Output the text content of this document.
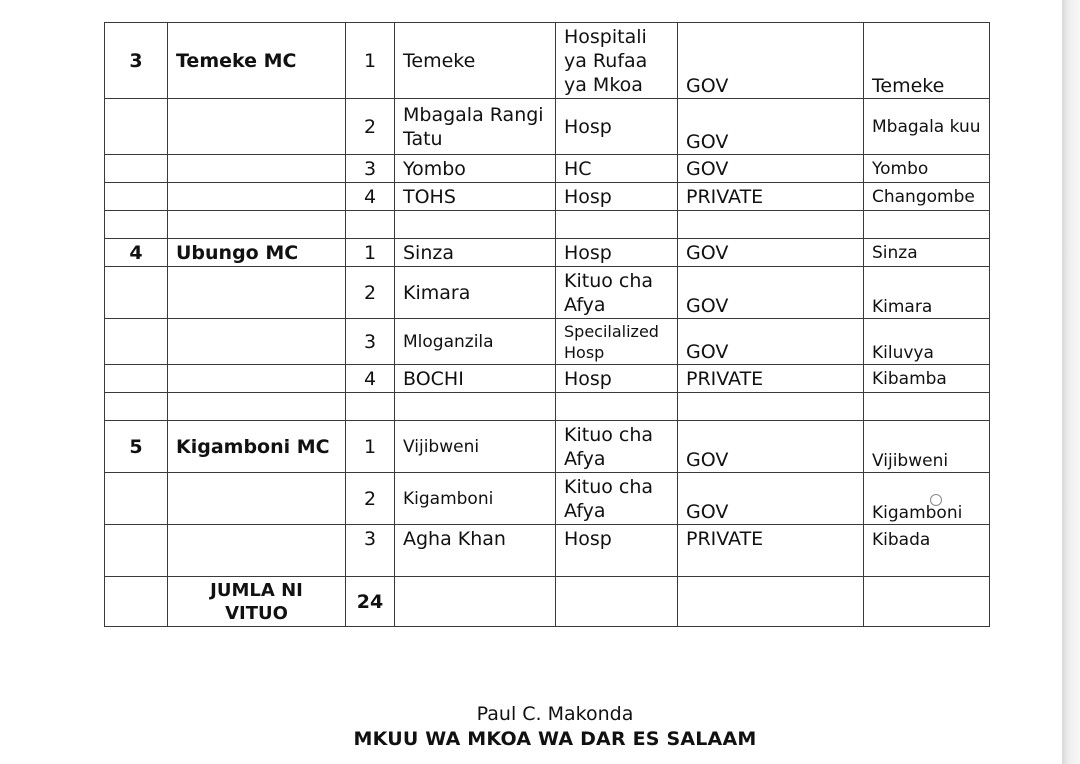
3	Temeke MC	1	Temeke	Hospitali ya Rufaa ya Mkoa	GOV	Temeke
		2	Mbagala Rangi Tatu	Hosp	GOV	Mbagala kuu
		3	Yombo	HC	GOV	Yombo
		4	TOHS	Hosp	PRIVATE	Changombe

4	Ubungo MC	1	Sinza	Hosp	GOV	Sinza
		2	Kimara	Kituo cha Afya	GOV	Kimara
		3	Mloganzila	Specilalized Hosp	GOV	Kiluvya
		4	BOCHI	Hosp	PRIVATE	Kibamba

5	Kigamboni MC	1	Vijibweni	Kituo cha Afya	GOV	Vijibweni
		2	Kigamboni	Kituo cha Afya	GOV	Kigamboni
		3	Agha Khan	Hosp	PRIVATE	Kibada
	JUMLA NI VITUO	24				
Paul C. Makonda
MKUU WA MKOA WA DAR ES SALAAM
